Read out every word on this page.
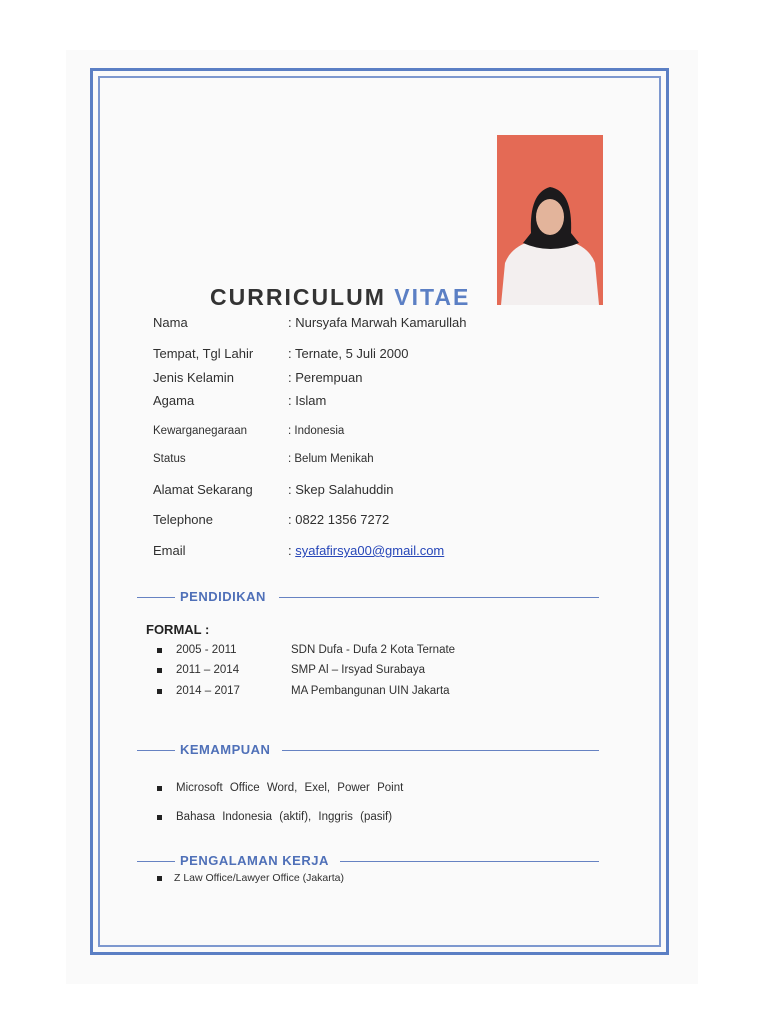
CURRICULUM VITAE
Nama	: Nursyafa Marwah Kamarullah
Tempat, Tgl Lahir	: Ternate, 5 Juli 2000
Jenis Kelamin	: Perempuan
Agama	: Islam
Kewarganegaraan	: Indonesia
Status	: Belum Menikah
Alamat Sekarang	: Skep Salahuddin
Telephone	: 0822 1356 7272
Email	: syafafirsya00@gmail.com
PENDIDIKAN
FORMAL :
2005 - 2011	SDN Dufa - Dufa 2 Kota Ternate
2011 – 2014	SMP Al – Irsyad Surabaya
2014 – 2017	MA Pembangunan UIN Jakarta
KEMAMPUAN
Microsoft Office Word, Exel, Power Point
Bahasa Indonesia (aktif), Inggris (pasif)
PENGALAMAN KERJA
Z Law Office/Lawyer Office (Jakarta)
